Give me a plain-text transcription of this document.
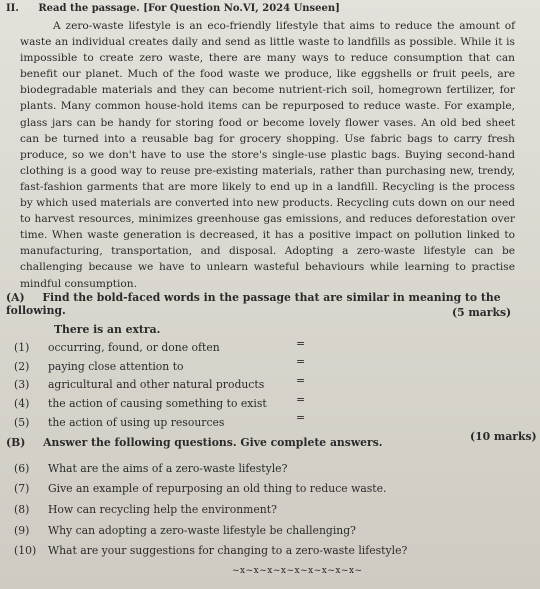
II. Read the passage. [For Question No.VI, 2024 Unseen]

A zero-waste lifestyle is an eco-friendly lifestyle that aims to reduce the amount of waste an individual creates daily and send as little waste to landfills as possible. While it is impossible to create zero waste, there are many ways to reduce consumption that can benefit our planet. Much of the food waste we produce, like eggshells or fruit peels, are biodegradable materials and they can become nutrient-rich soil, homegrown fertilizer, for plants. Many common house-hold items can be repurposed to reduce waste. For example, glass jars can be handy for storing food or become lovely flower vases. An old bed sheet can be turned into a reusable bag for grocery shopping. Use fabric bags to carry fresh produce, so we don't have to use the store's single-use plastic bags. Buying second-hand clothing is a good way to reuse pre-existing materials, rather than purchasing new, trendy, fast-fashion garments that are more likely to end up in a landfill. Recycling is the process by which used materials are converted into new products. Recycling cuts down on our need to harvest resources, minimizes greenhouse gas emissions, and reduces deforestation over time. When waste generation is decreased, it has a positive impact on pollution linked to manufacturing, transportation, and disposal. Adopting a zero-waste lifestyle can be challenging because we have to unlearn wasteful behaviours while learning to practise mindful consumption.

(A) Find the bold-faced words in the passage that are similar in meaning to the following.
There is an extra.
(5 marks)
(1) occurring, found, or done often	=
(2) paying close attention to	=
(3) agricultural and other natural products	=
(4) the action of causing something to exist	=
(5) the action of using up resources	=
(B) Answer the following questions. Give complete answers.	(10 marks)
(6) What are the aims of a zero-waste lifestyle?
(7) Give an example of repurposing an old thing to reduce waste.
(8) How can recycling help the environment?
(9) Why can adopting a zero-waste lifestyle be challenging?
(10) What are your suggestions for changing to a zero-waste lifestyle?
~x~x~x~x~x~x~x~x~x~
